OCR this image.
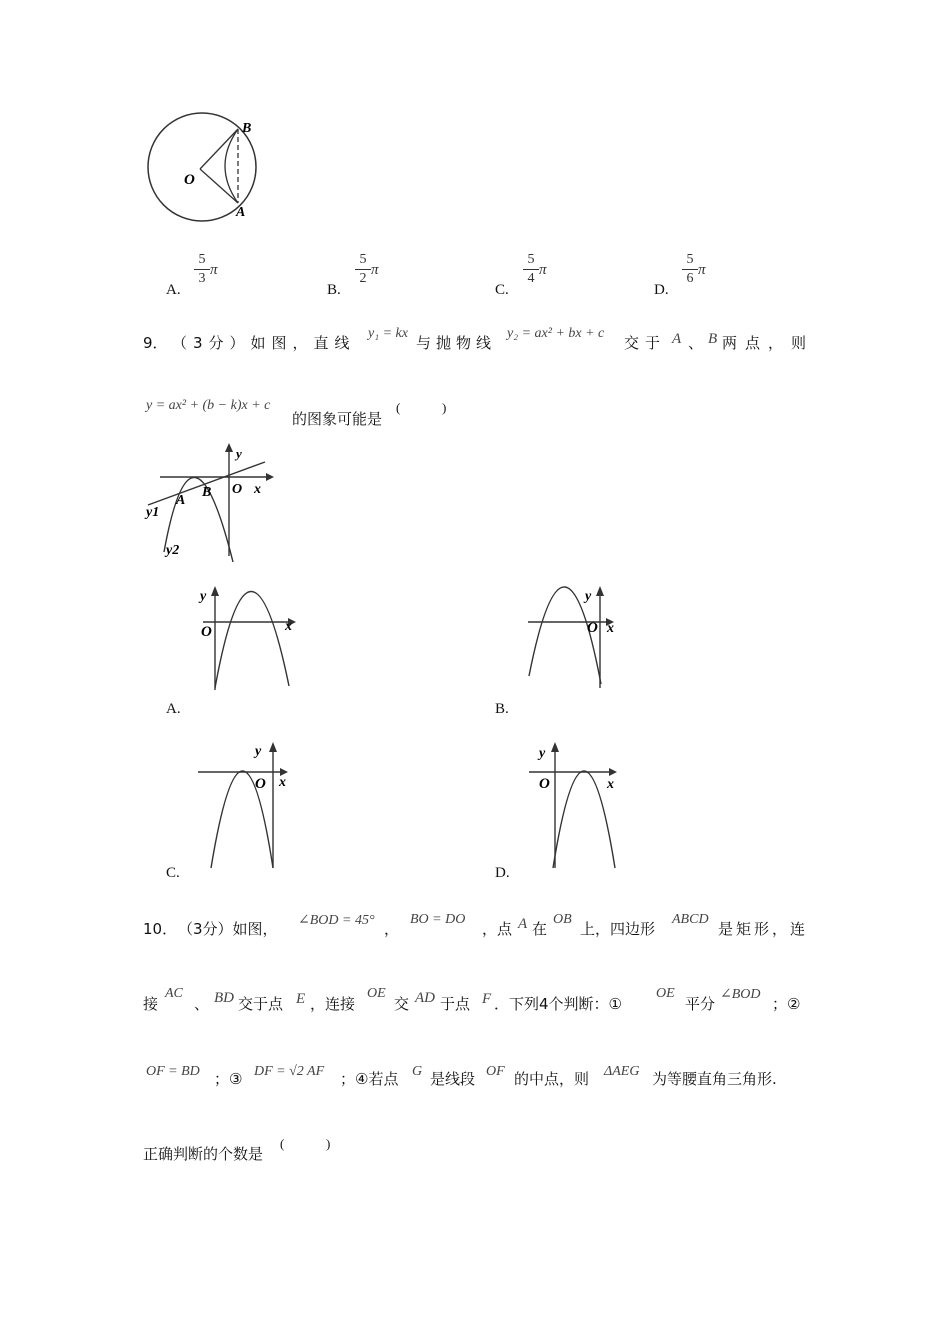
B
O
A
A.
5
3
π
B.
5
2
π
C.
5
4
π
D.
5
6
π
9． （3分）如图，直线
y₁ = kx
与抛物线
y₂ = ax² + bx + c
交于 A 、 B 两点，则
y = ax² + (b − k)x + c
的图象可能是
(	)
y
O x
A
B
y1
y2
y
O	x
A.
y
O x
B.
y
O x
C.
y
O	x
D.
10． （3分）如图， ∠BOD = 45° ，
BO = DO
，点 A 在
OB
上，四边形
ABCD
是矩形，连
接
AC
、 BD 交于点 E ，连接
OE
交 AD 于点 F ．下列4个判断：①
OE
平分
∠BOD
；②
OF = BD ；③ DF = √2 AF ；④若点 G 是线段 OF 的中点，则 ΔAEG 为等腰直角三角形.
正确判断的个数是
(	)
